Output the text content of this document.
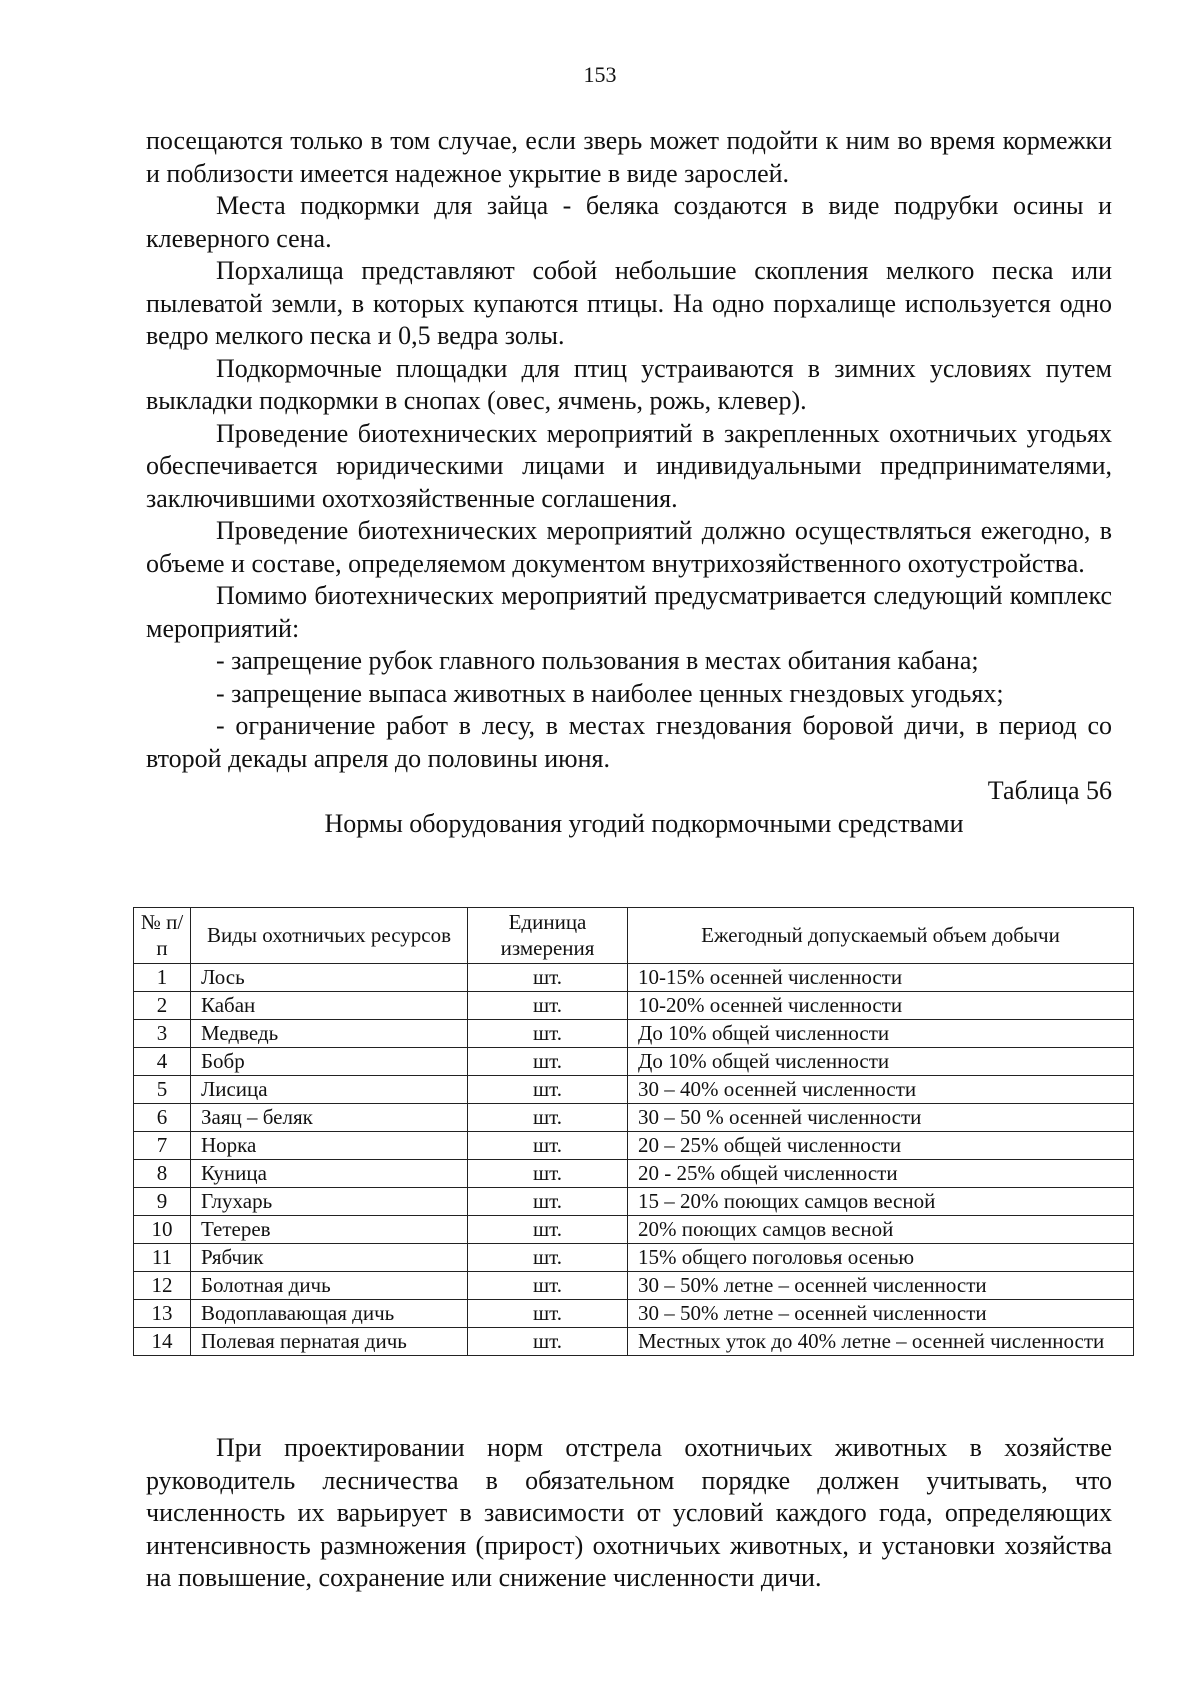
153

посещаются только в том случае, если зверь может подойти к ним во время кормежки и поблизости имеется надежное укрытие в виде зарослей.

Места подкормки для зайца - беляка создаются в виде подрубки осины и клеверного сена.

Порхалища представляют собой небольшие скопления мелкого песка или пылеватой земли, в которых купаются птицы. На одно порхалище используется одно ведро мелкого песка и 0,5 ведра золы.

Подкормочные площадки для птиц устраиваются в зимних условиях путем выкладки подкормки в снопах (овес, ячмень, рожь, клевер).

Проведение биотехнических мероприятий в закрепленных охотничьих угодьях обеспечивается юридическими лицами и индивидуальными предпринимателями, заключившими охотхозяйственные соглашения.

Проведение биотехнических мероприятий должно осуществляться ежегодно, в объеме и составе, определяемом документом внутрихозяйственного охотустройства.

Помимо биотехнических мероприятий предусматривается следующий комплекс мероприятий:

- запрещение рубок главного пользования в местах обитания кабана;

- запрещение выпаса животных в наиболее ценных гнездовых угодьях;

- ограничение работ в лесу, в местах гнездования боровой дичи, в период со второй декады апреля до половины июня.

Таблица 56

Нормы оборудования угодий подкормочными средствами

№ п/п	Виды охотничьих ресурсов	Единица измерения	Ежегодный допускаемый объем добычи
1	Лось	шт.	10-15% осенней численности
2	Кабан	шт.	10-20% осенней численности
3	Медведь	шт.	До 10% общей численности
4	Бобр	шт.	До 10% общей численности
5	Лисица	шт.	30 – 40% осенней численности
6	Заяц – беляк	шт.	30 – 50 % осенней численности
7	Норка	шт.	20 – 25% общей численности
8	Куница	шт.	20 - 25% общей численности
9	Глухарь	шт.	15 – 20% поющих самцов весной
10	Тетерев	шт.	20% поющих самцов весной
11	Рябчик	шт.	15% общего поголовья осенью
12	Болотная дичь	шт.	30 – 50% летне – осенней численности
13	Водоплавающая дичь	шт.	30 – 50% летне – осенней численности
14	Полевая пернатая дичь	шт.	Местных уток до 40% летне – осенней численности

При проектировании норм отстрела охотничьих животных в хозяйстве руководитель лесничества в обязательном порядке должен учитывать, что численность их варьирует в зависимости от условий каждого года, определяющих интенсивность размножения (прирост) охотничьих животных, и установки хозяйства на повышение, сохранение или снижение численности дичи.
